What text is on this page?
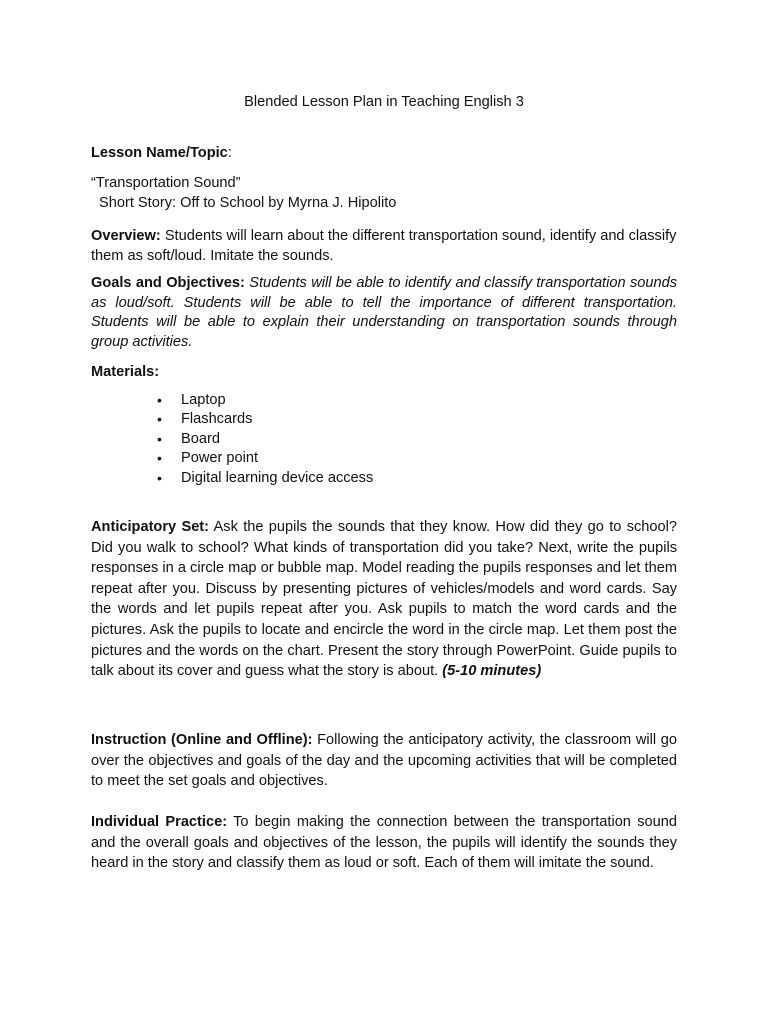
Blended Lesson Plan in Teaching English 3
Lesson Name/Topic:
“Transportation Sound”
Short Story: Off to School by Myrna J. Hipolito
Overview: Students will learn about the different transportation sound, identify and classify them as soft/loud. Imitate the sounds.
Goals and Objectives: Students will be able to identify and classify transportation sounds as loud/soft. Students will be able to tell the importance of different transportation. Students will be able to explain their understanding on transportation sounds through group activities.
Materials:
• Laptop
• Flashcards
• Board
• Power point
• Digital learning device access
Anticipatory Set: Ask the pupils the sounds that they know. How did they go to school? Did you walk to school? What kinds of transportation did you take? Next, write the pupils responses in a circle map or bubble map. Model reading the pupils responses and let them repeat after you. Discuss by presenting pictures of vehicles/models and word cards. Say the words and let pupils repeat after you. Ask pupils to match the word cards and the pictures. Ask the pupils to locate and encircle the word in the circle map. Let them post the pictures and the words on the chart. Present the story through PowerPoint. Guide pupils to talk about its cover and guess what the story is about. (5-10 minutes)
Instruction (Online and Offline): Following the anticipatory activity, the classroom will go over the objectives and goals of the day and the upcoming activities that will be completed to meet the set goals and objectives.
Individual Practice: To begin making the connection between the transportation sound and the overall goals and objectives of the lesson, the pupils will identify the sounds they heard in the story and classify them as loud or soft. Each of them will imitate the sound.
